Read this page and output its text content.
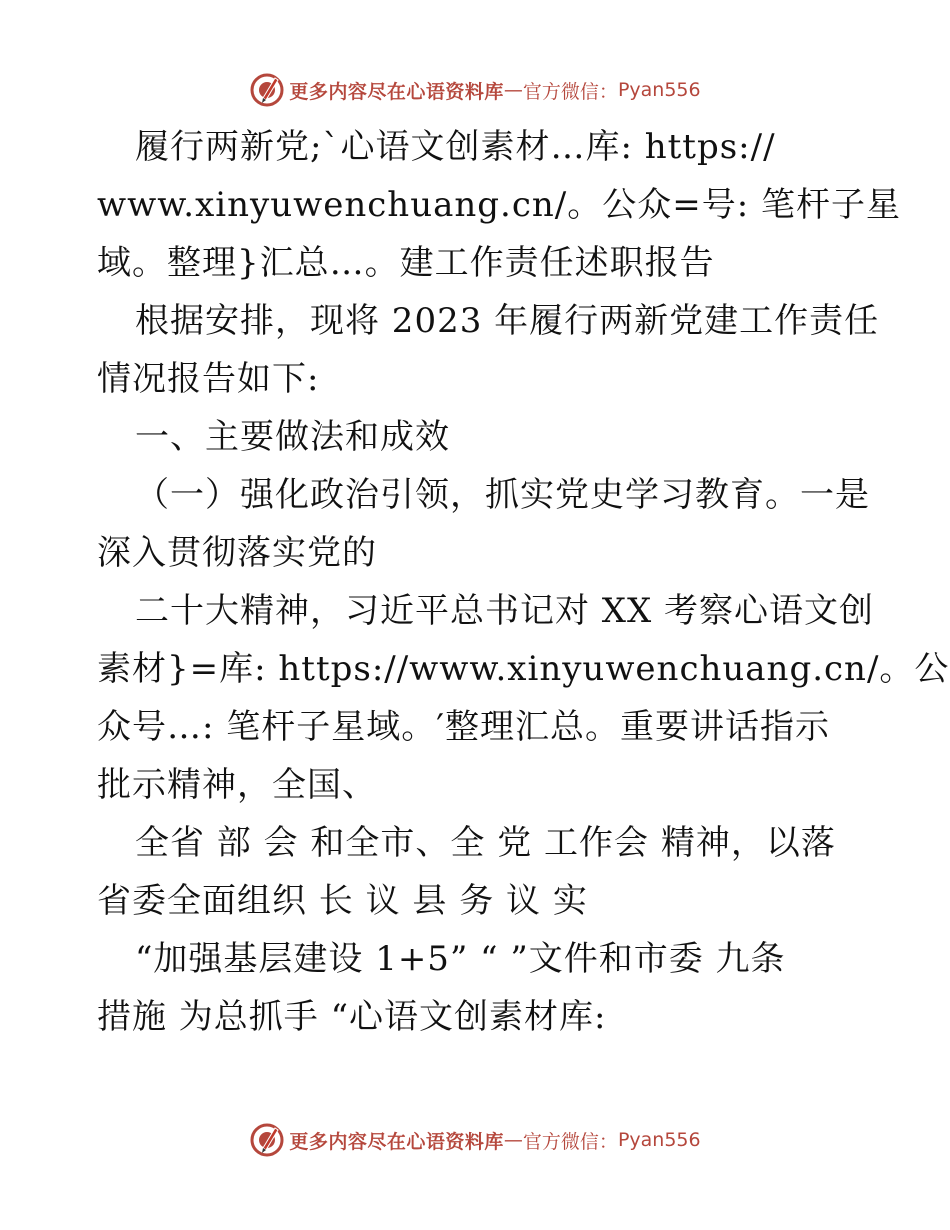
更多内容尽在心语资料库 — 官方微信： Pyan556
履行两新党;`心语文创素材…库: https://
www.xinyuwenchuang.cn/。公众=号: 笔杆子星
域。整理}汇总…。建工作责任述职报告
根据安排，现将 2023 年履行两新党建工作责任
情况报告如下:
一、主要做法和成效
（一）强化政治引领，抓实党史学习教育。一是
深入贯彻落实党的
二十大精神，习近平总书记对 XX 考察心语文创
素材}=库: https://www.xinyuwenchuang.cn/。公
众号…: 笔杆子星域。′整理汇总。重要讲话指示
批示精神，全国、
全省 部 会 和全市、全 党 工作会 精神，以落
省委全面组织 长 议 县 务 议 实
“加强基层建设 1+5” “ ”文件和市委 九条
措施 为总抓手 “心语文创素材库:
更多内容尽在心语资料库 — 官方微信： Pyan556
